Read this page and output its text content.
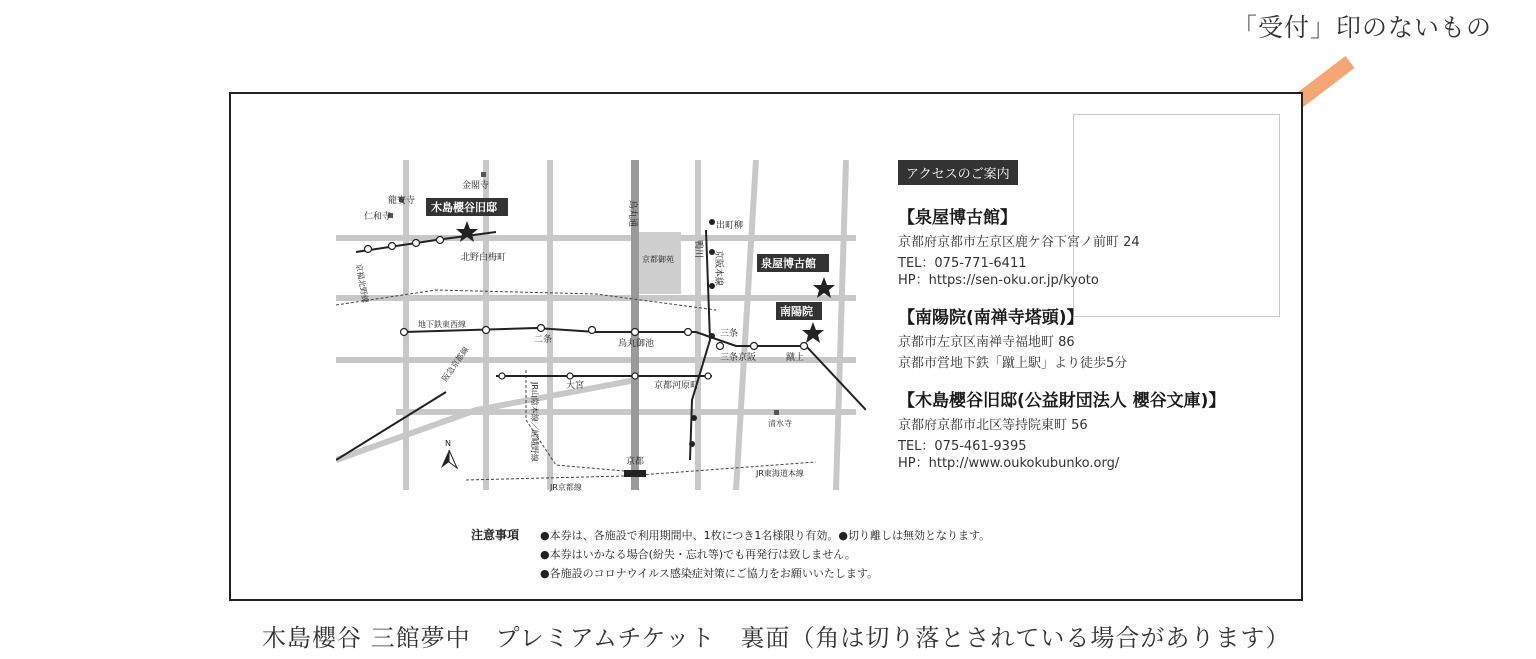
「受付」印のないもの
金閣寺
龍安寺
仁和寺
木島櫻谷旧邸
北野白梅町
京福北野線
烏丸通
京都御苑
出町柳
鴨川
京阪本線	泉屋博古館
南陽院
地下鉄東西線
二条	烏丸御池
三条
三条京阪	蹴上
大宮	京都河原町
JR山陰本線／嵯峨野線
阪急京都線
清水寺
京都
JR京都線
JR東海道本線
N
アクセスのご案内
【泉屋博古館】
京都府京都市左京区鹿ケ谷下宮ノ前町 24
TEL：075-771-6411
HP：https://sen-oku.or.jp/kyoto
【南陽院(南禅寺塔頭)】
京都市左京区南禅寺福地町 86
京都市営地下鉄「蹴上駅」より徒歩5分
【木島櫻谷旧邸(公益財団法人 櫻谷文庫)】
京都府京都市北区等持院東町 56
TEL：075-461-9395
HP：http://www.oukokubunko.org/
注意事項 ●本券は、各施設で利用期間中、1枚につき1名様限り有効。●切り離しは無効となります。
●本券はいかなる場合(紛失・忘れ等)でも再発行は致しません。
●各施設のコロナウイルス感染症対策にご協力をお願いいたします。
木島櫻谷 三館夢中　プレミアムチケット　裏面（角は切り落とされている場合があります）
